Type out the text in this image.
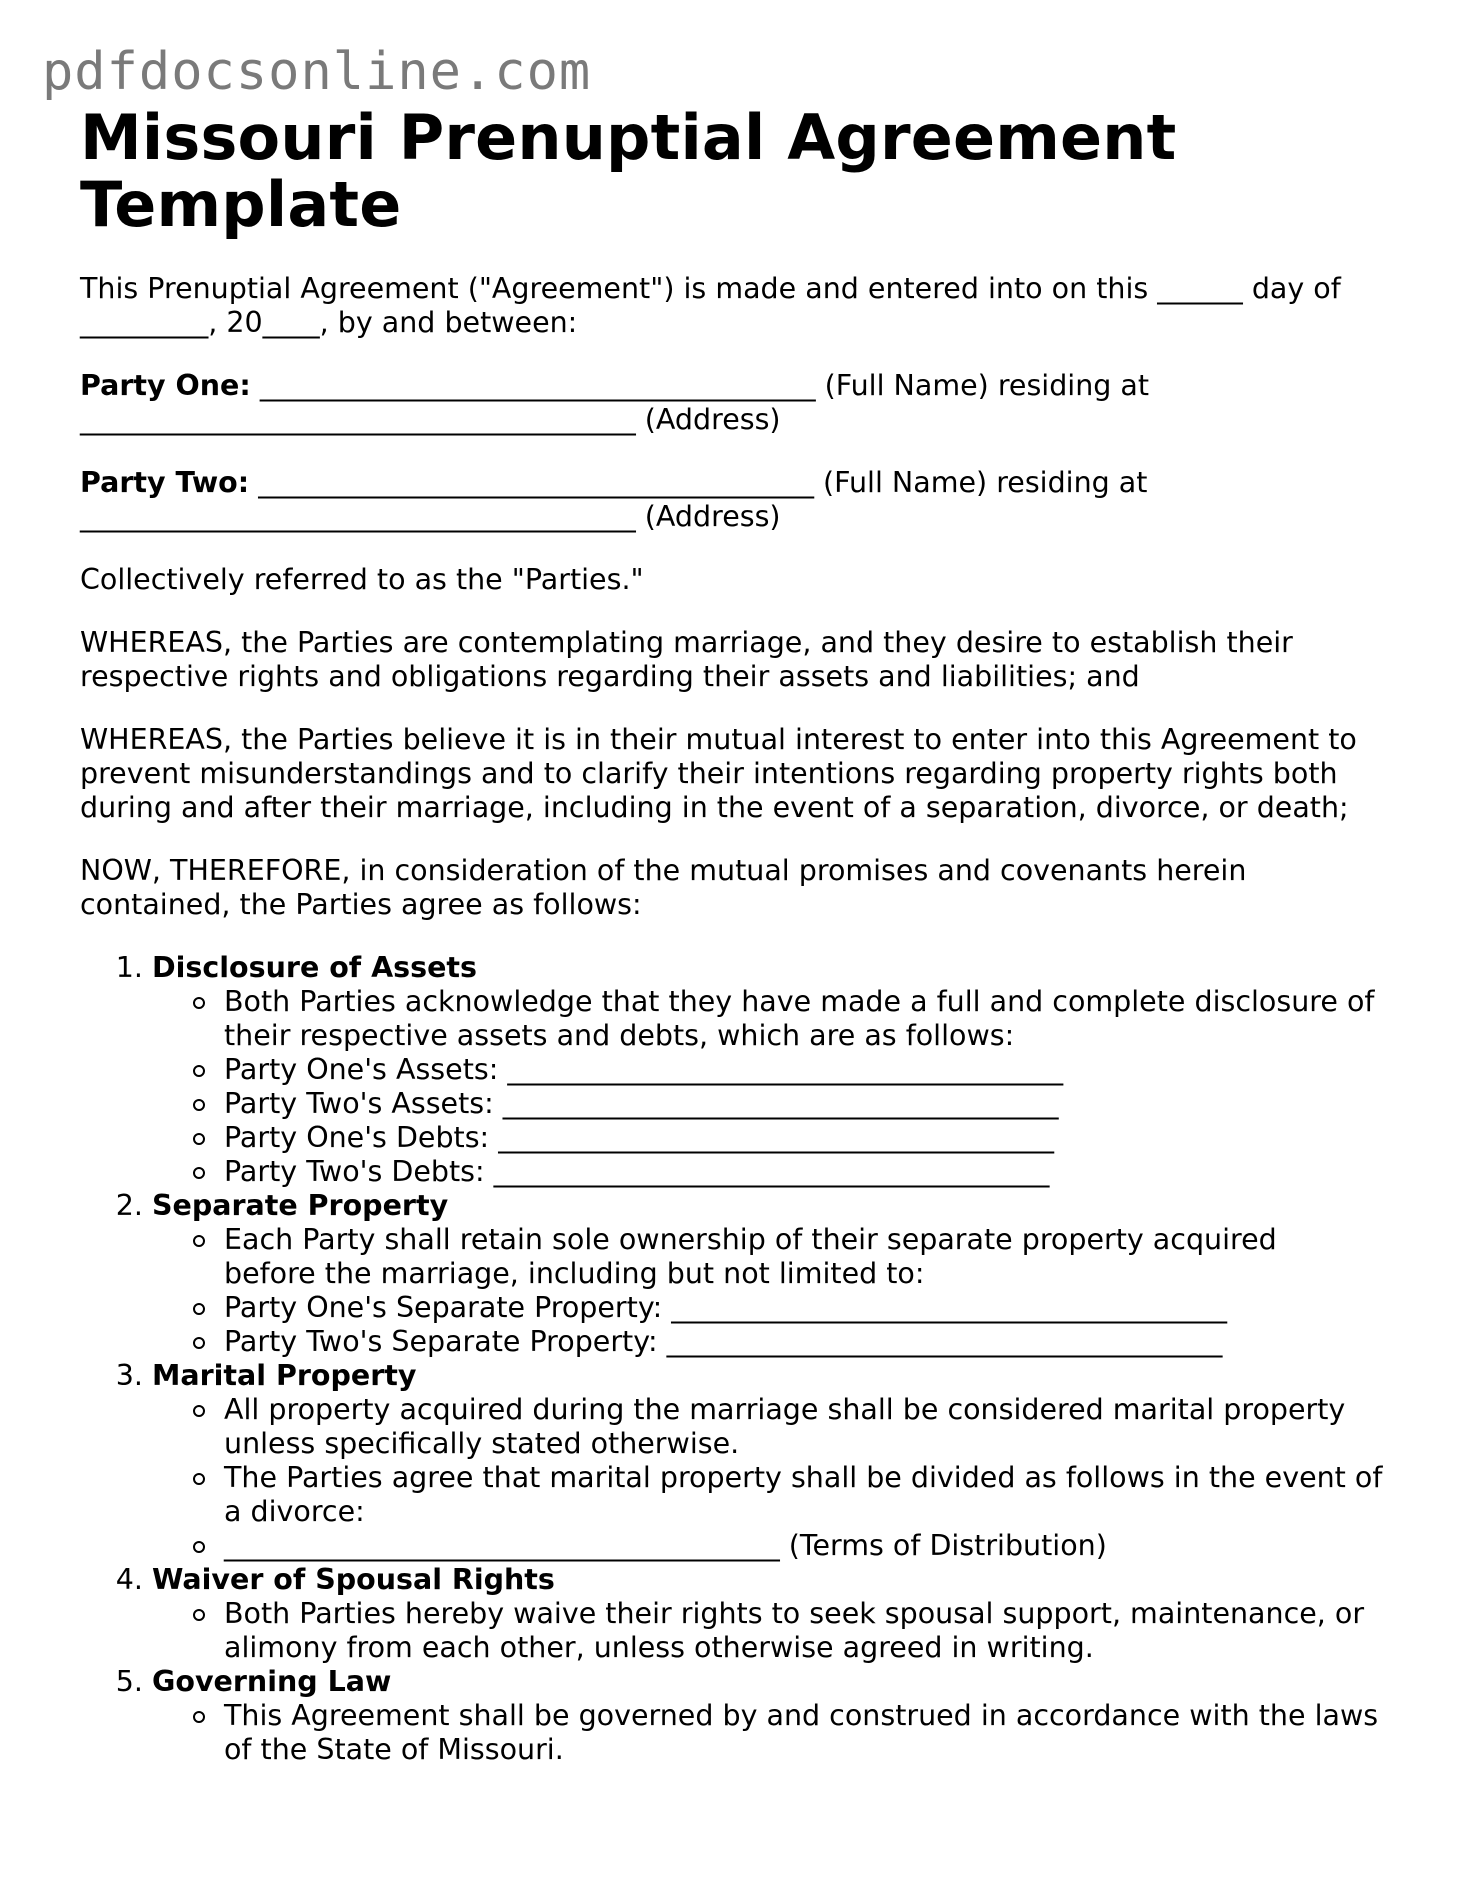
pdfdocsonline.com
Missouri Prenuptial Agreement
Template

This Prenuptial Agreement ("Agreement") is made and entered into on this ______ day of
_________, 20____, by and between:

Party One: _______________________________________ (Full Name) residing at
_______________________________________ (Address)

Party Two: _______________________________________ (Full Name) residing at
_______________________________________ (Address)

Collectively referred to as the "Parties."

WHEREAS, the Parties are contemplating marriage, and they desire to establish their
respective rights and obligations regarding their assets and liabilities; and

WHEREAS, the Parties believe it is in their mutual interest to enter into this Agreement to
prevent misunderstandings and to clarify their intentions regarding property rights both
during and after their marriage, including in the event of a separation, divorce, or death;

NOW, THEREFORE, in consideration of the mutual promises and covenants herein
contained, the Parties agree as follows:

1. Disclosure of Assets
Both Parties acknowledge that they have made a full and complete disclosure of
their respective assets and debts, which are as follows:
Party One's Assets: _______________________________________
Party Two's Assets: _______________________________________
Party One's Debts: _______________________________________
Party Two's Debts: _______________________________________
2. Separate Property
Each Party shall retain sole ownership of their separate property acquired
before the marriage, including but not limited to:
Party One's Separate Property: _______________________________________
Party Two's Separate Property: _______________________________________
3. Marital Property
All property acquired during the marriage shall be considered marital property
unless specifically stated otherwise.
The Parties agree that marital property shall be divided as follows in the event of
a divorce:
_______________________________________ (Terms of Distribution)
4. Waiver of Spousal Rights
Both Parties hereby waive their rights to seek spousal support, maintenance, or
alimony from each other, unless otherwise agreed in writing.
5. Governing Law
This Agreement shall be governed by and construed in accordance with the laws
of the State of Missouri.
